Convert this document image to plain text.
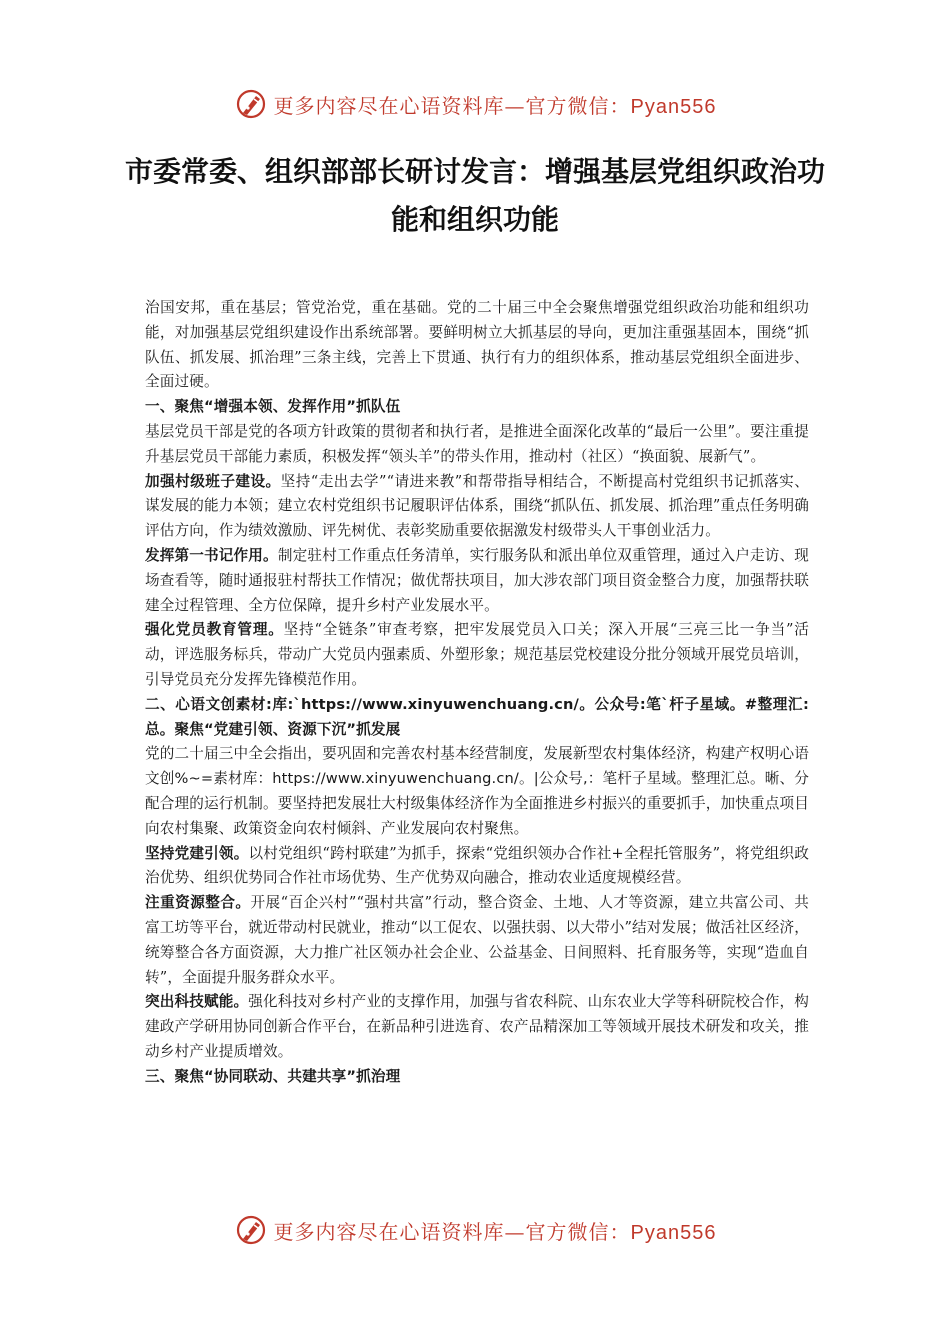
更多内容尽在心语资料库—官方微信：Pyan556
市委常委、组织部部长研讨发言：增强基层党组织政治功能和组织功能

治国安邦，重在基层；管党治党，重在基础。党的二十届三中全会聚焦增强党组织政治功能和组织功能，对加强基层党组织建设作出系统部署。要鲜明树立大抓基层的导向，更加注重强基固本，围绕“抓队伍、抓发展、抓治理”三条主线，完善上下贯通、执行有力的组织体系，推动基层党组织全面进步、全面过硬。

一、聚焦“增强本领、发挥作用”抓队伍

基层党员干部是党的各项方针政策的贯彻者和执行者，是推进全面深化改革的“最后一公里”。要注重提升基层党员干部能力素质，积极发挥“领头羊”的带头作用，推动村（社区）“换面貌、展新气”。

加强村级班子建设。坚持“走出去学”“请进来教”和帮带指导相结合，不断提高村党组织书记抓落实、谋发展的能力本领；建立农村党组织书记履职评估体系，围绕“抓队伍、抓发展、抓治理”重点任务明确评估方向，作为绩效激励、评先树优、表彰奖励重要依据激发村级带头人干事创业活力。

发挥第一书记作用。制定驻村工作重点任务清单，实行服务队和派出单位双重管理，通过入户走访、现场查看等，随时通报驻村帮扶工作情况；做优帮扶项目，加大涉农部门项目资金整合力度，加强帮扶联建全过程管理、全方位保障，提升乡村产业发展水平。

强化党员教育管理。坚持“全链条”审查考察，把牢发展党员入口关；深入开展“三亮三比一争当”活动，评选服务标兵，带动广大党员内强素质、外塑形象；规范基层党校建设分批分领域开展党员培训，引导党员充分发挥先锋模范作用。

二、心语文创素材:库:`https://www.xinyuwenchuang.cn/。公众号:笔`杆子星域。#整理汇:总。聚焦“党建引领、资源下沉”抓发展

党的二十届三中全会指出，要巩固和完善农村基本经营制度，发展新型农村集体经济，构建产权明心语文创%~=素材库：https://www.xinyuwenchuang.cn/。|公众号,：笔杆子星域。整理汇总。晰、分配合理的运行机制。要坚持把发展壮大村级集体经济作为全面推进乡村振兴的重要抓手，加快重点项目向农村集聚、政策资金向农村倾斜、产业发展向农村聚焦。

坚持党建引领。以村党组织“跨村联建”为抓手，探索“党组织领办合作社+全程托管服务”，将党组织政治优势、组织优势同合作社市场优势、生产优势双向融合，推动农业适度规模经营。

注重资源整合。开展“百企兴村”“强村共富”行动，整合资金、土地、人才等资源，建立共富公司、共富工坊等平台，就近带动村民就业，推动“以工促农、以强扶弱、以大带小”结对发展；做活社区经济，统筹整合各方面资源，大力推广社区领办社会企业、公益基金、日间照料、托育服务等，实现“造血自转”，全面提升服务群众水平。

突出科技赋能。强化科技对乡村产业的支撑作用，加强与省农科院、山东农业大学等科研院校合作，构建政产学研用协同创新合作平台，在新品种引进选育、农产品精深加工等领域开展技术研发和攻关，推动乡村产业提质增效。

三、聚焦“协同联动、共建共享”抓治理

更多内容尽在心语资料库—官方微信：Pyan556
